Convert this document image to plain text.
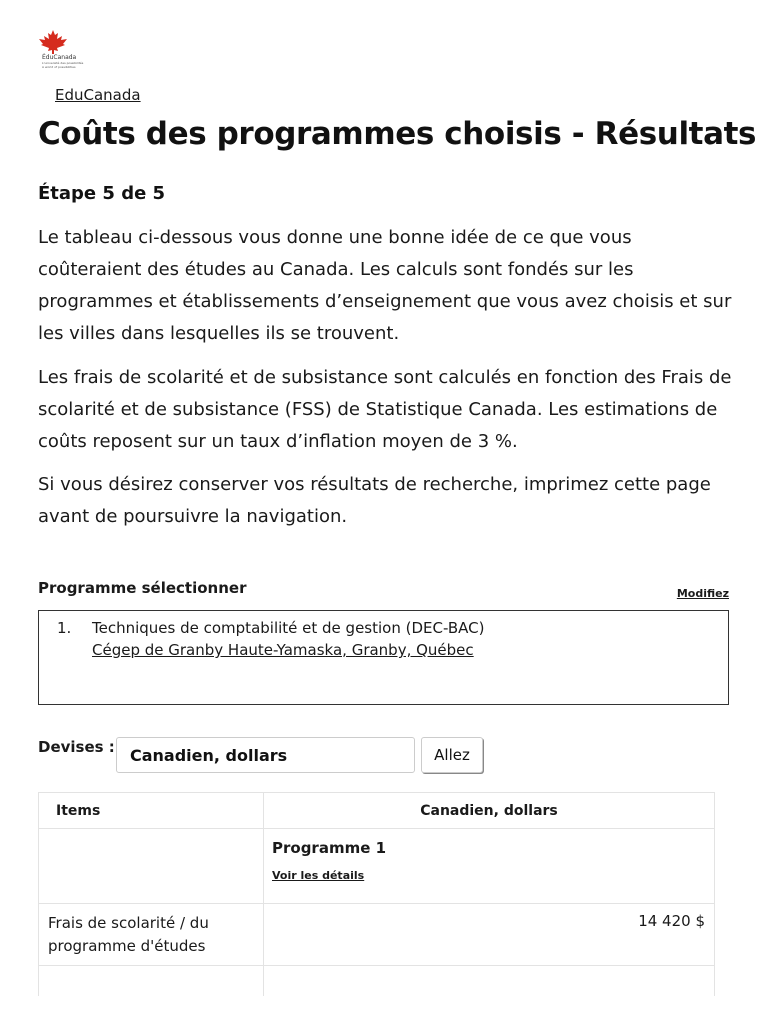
ÉduCanada
L'université des possibilités
A world of possibilities
EduCanada
Coûts des programmes choisis - Résultats
Étape 5 de 5

Le tableau ci-dessous vous donne une bonne idée de ce que vous coûteraient des études au Canada. Les calculs sont fondés sur les programmes et établissements d’enseignement que vous avez choisis et sur les villes dans lesquelles ils se trouvent.

Les frais de scolarité et de subsistance sont calculés en fonction des Frais de scolarité et de subsistance (FSS) de Statistique Canada. Les estimations de coûts reposent sur un taux d’inflation moyen de 3 %.

Si vous désirez conserver vos résultats de recherche, imprimez cette page avant de poursuivre la navigation.

Programme sélectionner	Modifiez
1. Techniques de comptabilité et de gestion (DEC-BAC)
Cégep de Granby Haute-Yamaska, Granby, Québec
Devises : Canadien, dollars	Allez
Items	Canadien, dollars

	Programme 1
Voir les détails

Frais de scolarité / du programme d'études	14 420 $
